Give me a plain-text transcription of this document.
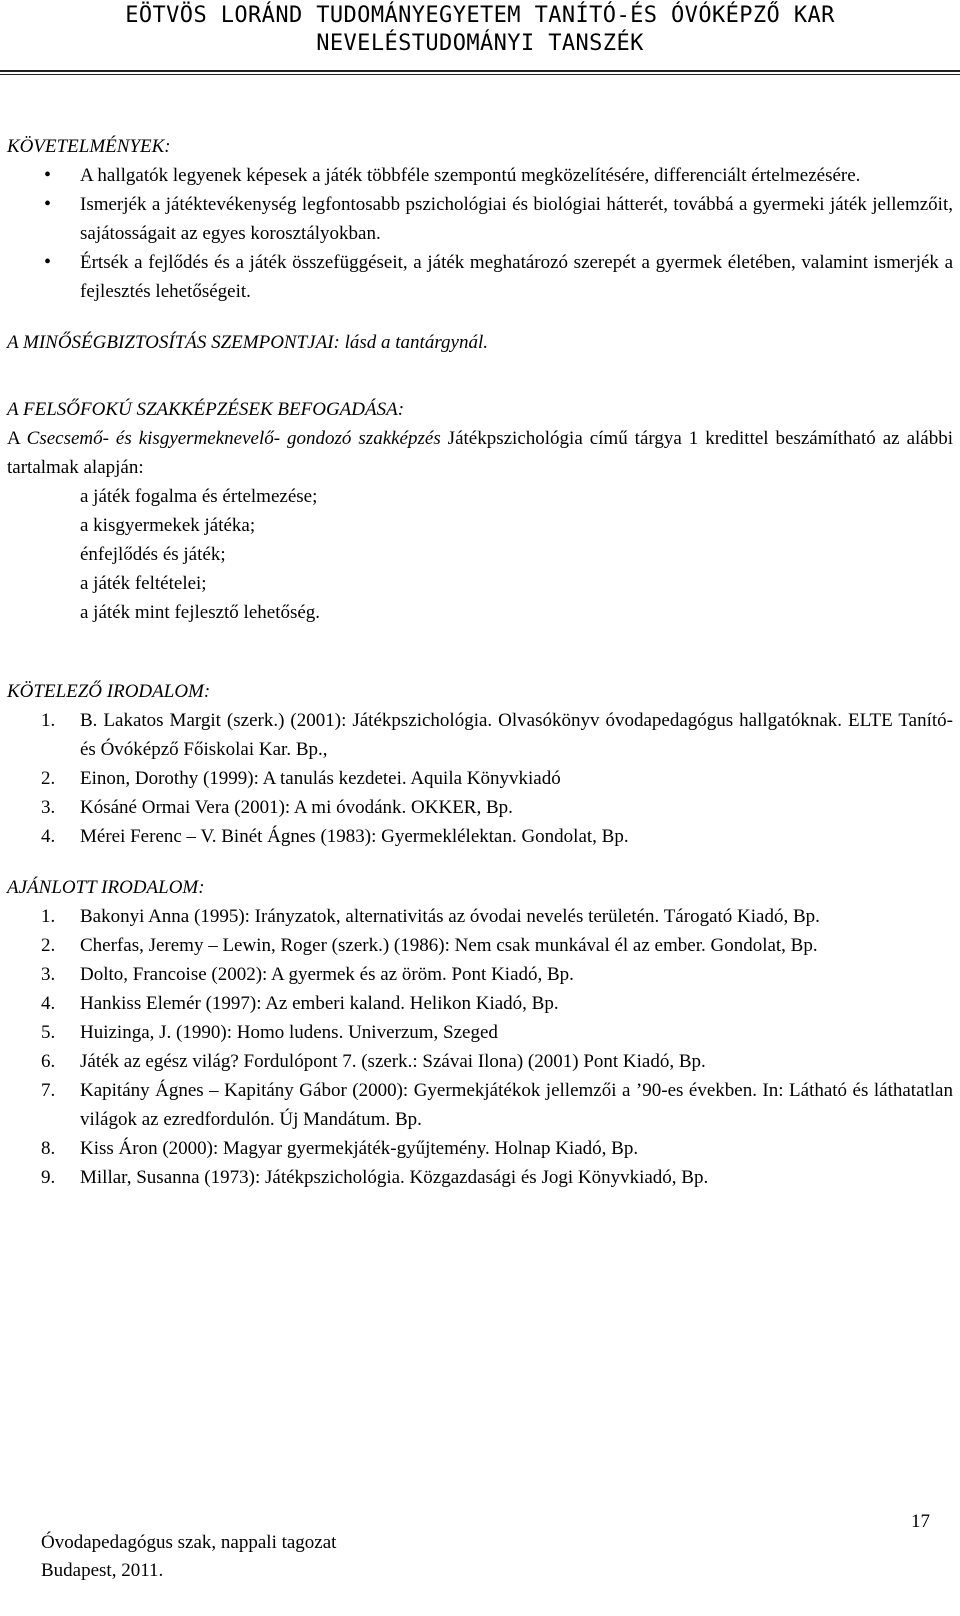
EÖTVÖS LORÁND TUDOMÁNYEGYETEM TANÍTÓ-ÉS ÓVÓKÉPZŐ KAR
NEVELÉSTUDOMÁNYI TANSZÉK

KÖVETELMÉNYEK:

• A hallgatók legyenek képesek a játék többféle szempontú megközelítésére, differenciált értelmezésére.
• Ismerjék a játéktevékenység legfontosabb pszichológiai és biológiai hátterét, továbbá a gyermeki játék jellemzőit, sajátosságait az egyes korosztályokban.
• Értsék a fejlődés és a játék összefüggéseit, a játék meghatározó szerepét a gyermek életében, valamint ismerjék a fejlesztés lehetőségeit.

A MINŐSÉGBIZTOSÍTÁS SZEMPONTJAI: lásd a tantárgynál.

A FELSŐFOKÚ SZAKKÉPZÉSEK BEFOGADÁSA:

A Csecsemő- és kisgyermeknevelő- gondozó szakképzés Játékpszichológia című tárgya 1 kredittel beszámítható az alábbi tartalmak alapján:

a játék fogalma és értelmezése;
a kisgyermekek játéka;
énfejlődés és játék;
a játék feltételei;
a játék mint fejlesztő lehetőség.

KÖTELEZŐ IRODALOM:

1. B. Lakatos Margit (szerk.) (2001): Játékpszichológia. Olvasókönyv óvodapedagógus hallgatóknak. ELTE Tanító- és Óvóképző Főiskolai Kar. Bp.,
2. Einon, Dorothy (1999): A tanulás kezdetei. Aquila Könyvkiadó
3. Kósáné Ormai Vera (2001): A mi óvodánk. OKKER, Bp.
4. Mérei Ferenc – V. Binét Ágnes (1983): Gyermeklélektan. Gondolat, Bp.

AJÁNLOTT IRODALOM:

1. Bakonyi Anna (1995): Irányzatok, alternativitás az óvodai nevelés területén. Tárogató Kiadó, Bp.
2. Cherfas, Jeremy – Lewin, Roger (szerk.) (1986): Nem csak munkával él az ember. Gondolat, Bp.
3. Dolto, Francoise (2002): A gyermek és az öröm. Pont Kiadó, Bp.
4. Hankiss Elemér (1997): Az emberi kaland. Helikon Kiadó, Bp.
5. Huizinga, J. (1990): Homo ludens. Univerzum, Szeged
6. Játék az egész világ? Fordulópont 7. (szerk.: Szávai Ilona) (2001) Pont Kiadó, Bp.
7. Kapitány Ágnes – Kapitány Gábor (2000): Gyermekjátékok jellemzői a ’90-es években. In: Látható és láthatatlan világok az ezredfordulón. Új Mandátum. Bp.
8. Kiss Áron (2000): Magyar gyermekjáték-gyűjtemény. Holnap Kiadó, Bp.
9. Millar, Susanna (1973): Játékpszichológia. Közgazdasági és Jogi Könyvkiadó, Bp.
Óvodapedagógus szak, nappali tagozat
Budapest, 2011.
17
